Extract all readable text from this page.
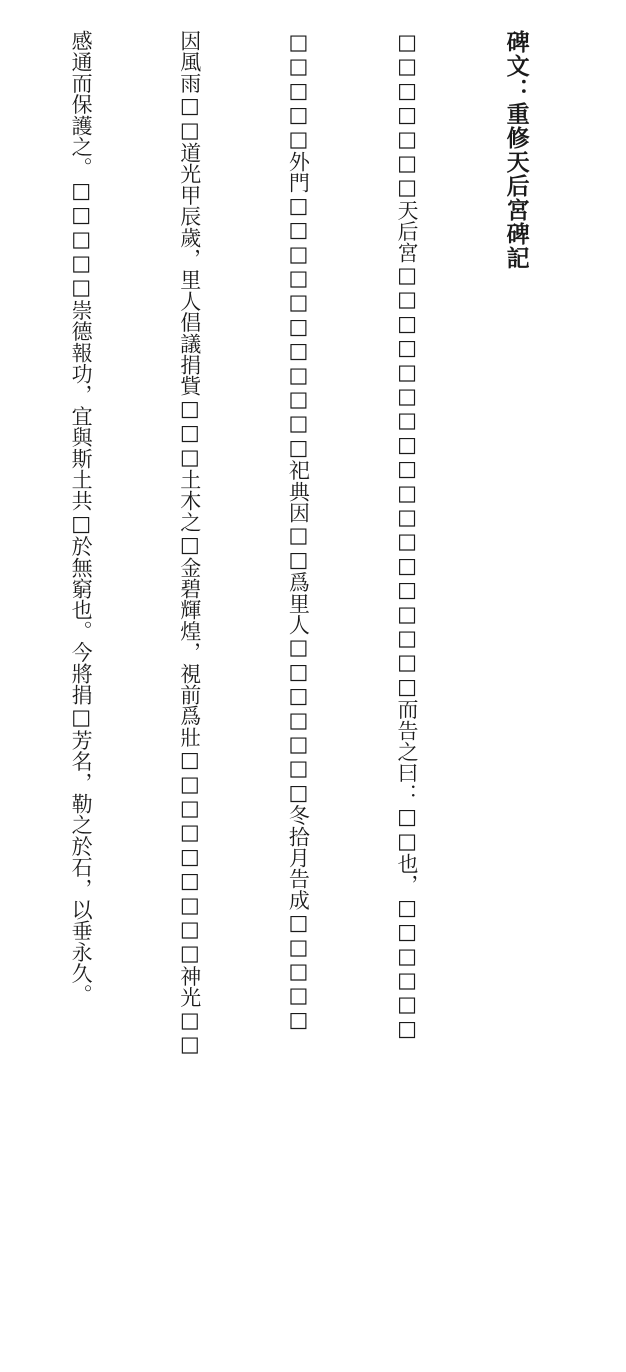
碑文：重修天后宮碑記

□□□□□□□天后宮□□□□□□□□□□□□□□□□□□而告之曰：□□也，□□□□□□

□□□□□外門□□□□□□□□□□□祀典因□□爲里人□□□□□□□冬拾月告成□□□□□

因風雨□□道光甲辰歲，里人倡議捐貲□□□土木之□金碧輝煌，視前爲壯□□□□□□□□□神光□□

感通而保護之。□□□□□崇德報功，宜與斯土共□於無窮也。今將捐□芳名，勒之於石，以垂永久。
